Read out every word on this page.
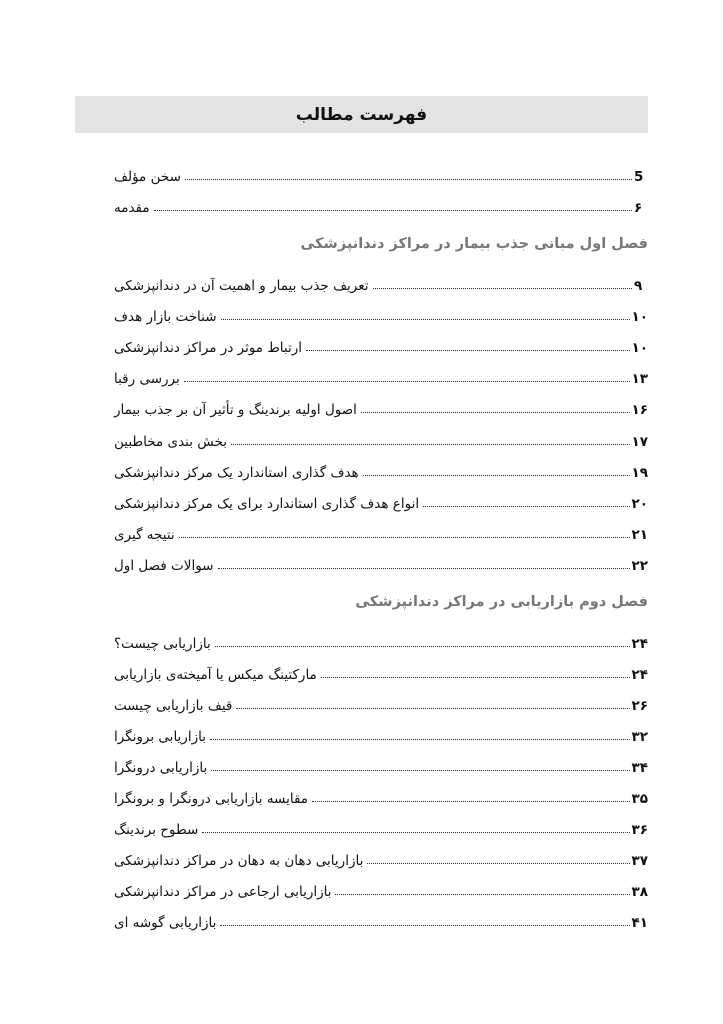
فهرست مطالب
سخن مؤلف	5
مقدمه	۶
فصل اول مبانی جذب بیمار در مراکز دندانپزشکی
تعریف جذب بیمار و اهمیت آن در دندانپزشکی	۹
شناخت بازار هدف	۱۰
ارتباط موثر در مراکز دندانپزشکی	۱۰
بررسی رقبا	۱۳
اصول اولیه برندینگ و تأثیر آن بر جذب بیمار	۱۶
بخش بندی مخاطبین	۱۷
هدف گذاری استاندارد یک مرکز دندانپزشکی	۱۹
انواع هدف گذاری استاندارد برای یک مرکز دندانپزشکی	۲۰
نتیجه گیری	۲۱
سوالات فصل اول	۲۲
فصل دوم بازاریابی در مراکز دندانپزشکی
بازاریابی چیست؟	۲۴
مارکتینگ میکس یا آمیخته‌ی بازاریابی	۲۴
قیف بازاریابی چیست	۲۶
بازاریابی برونگرا	۳۲
بازاریابی درونگرا	۳۴
مقایسه بازاریابی درونگرا و برونگرا	۳۵
سطوح برندینگ	۳۶
بازاریابی دهان به دهان در مراکز دندانپزشکی	۳۷
بازاریابی ارجاعی در مراکز دندانپزشکی	۳۸
بازاریابی گوشه ای	۴۱
